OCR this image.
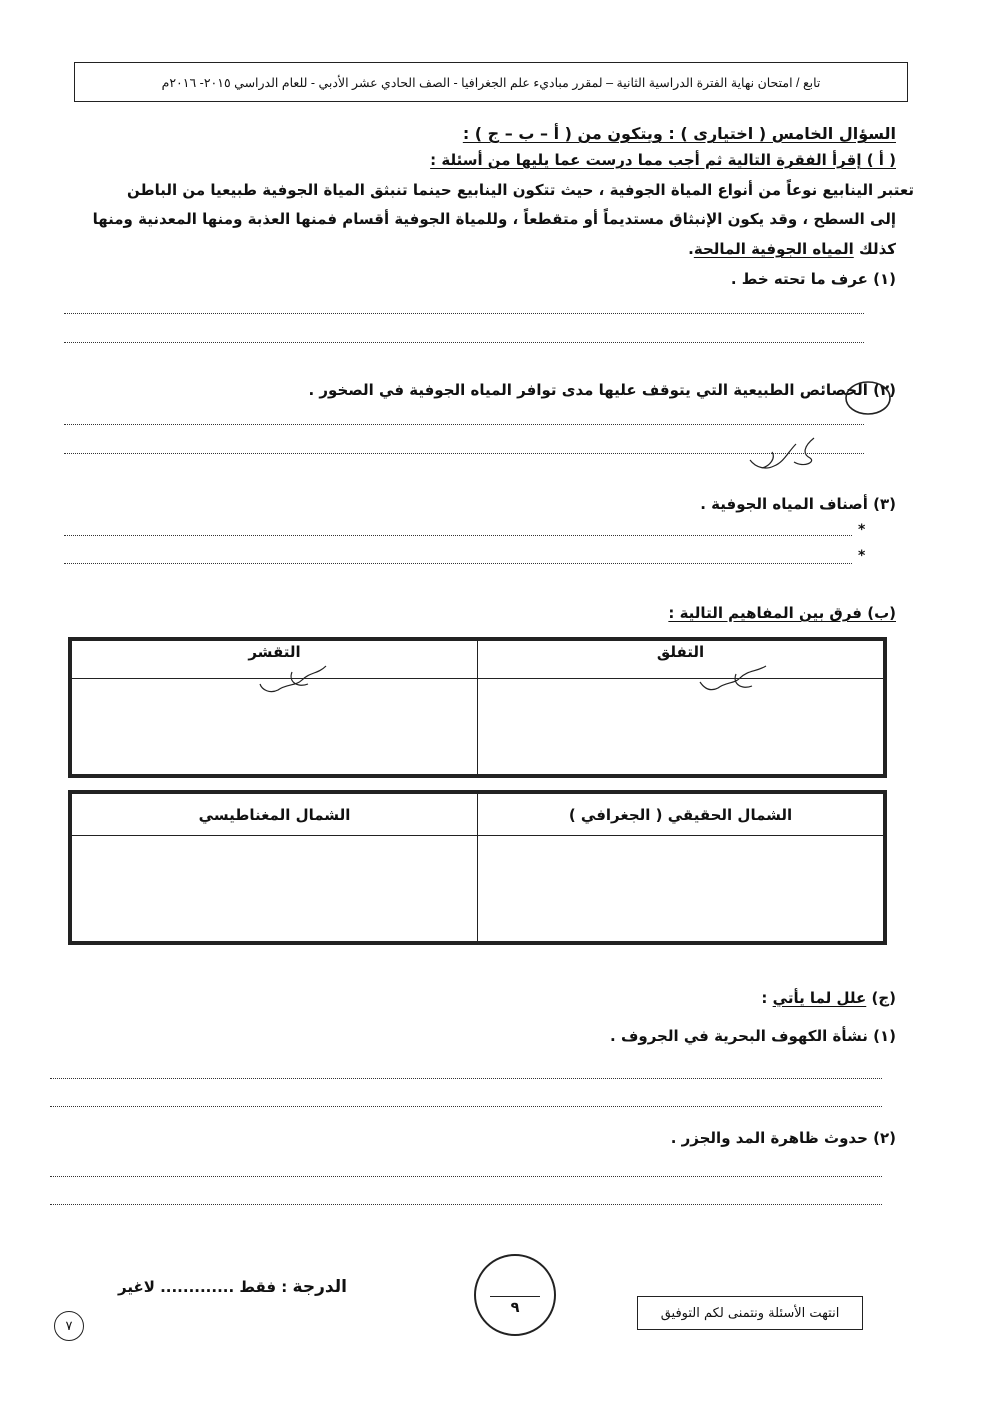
تابع / امتحان نهاية الفترة الدراسية الثانية – لمقرر مباديء علم الجغرافيا - الصف الحادي عشر الأدبي - للعام الدراسي ٢٠١٥- ٢٠١٦م
السؤال الخامس ( اختيارى ) : ويتكون من ( أ – ب – ج ) :
( أ ) إقرأ الفقرة التالية ثم أجب مما درست عما يليها من أسئلة :
تعتبر الينابيع نوعاً من أنواع المياة الجوفية ، حيث تتكون الينابيع حينما تنبثق المياة الجوفية طبيعيا من الباطن
إلى السطح ، وقد يكون الإنبثاق مستديماً أو متقطعاً ، وللمياة الجوفية أقسام فمنها العذبة ومنها المعدنية ومنها
كذلك المياه الجوفية المالحة.
(١) عرف ما تحته خط .
(٢) الخصائص الطبيعية التي يتوقف عليها مدى توافر المياه الجوفية في الصخور .
(٣) أصناف المياه الجوفية .
*
*
(ب) فرق بين المفاهيم التالية :
التفلق	التقشر

الشمال الحقيقي ( الجغرافي )	الشمال المغناطيسي

(ج) علل لما يأتي :
(١) نشأة الكهوف البحرية في الجروف .
(٢) حدوث ظاهرة المد والجزر .
الدرجة : فقط ............. لاغير
٩	انتهت الأسئلة ونتمنى لكم التوفيق
٧
